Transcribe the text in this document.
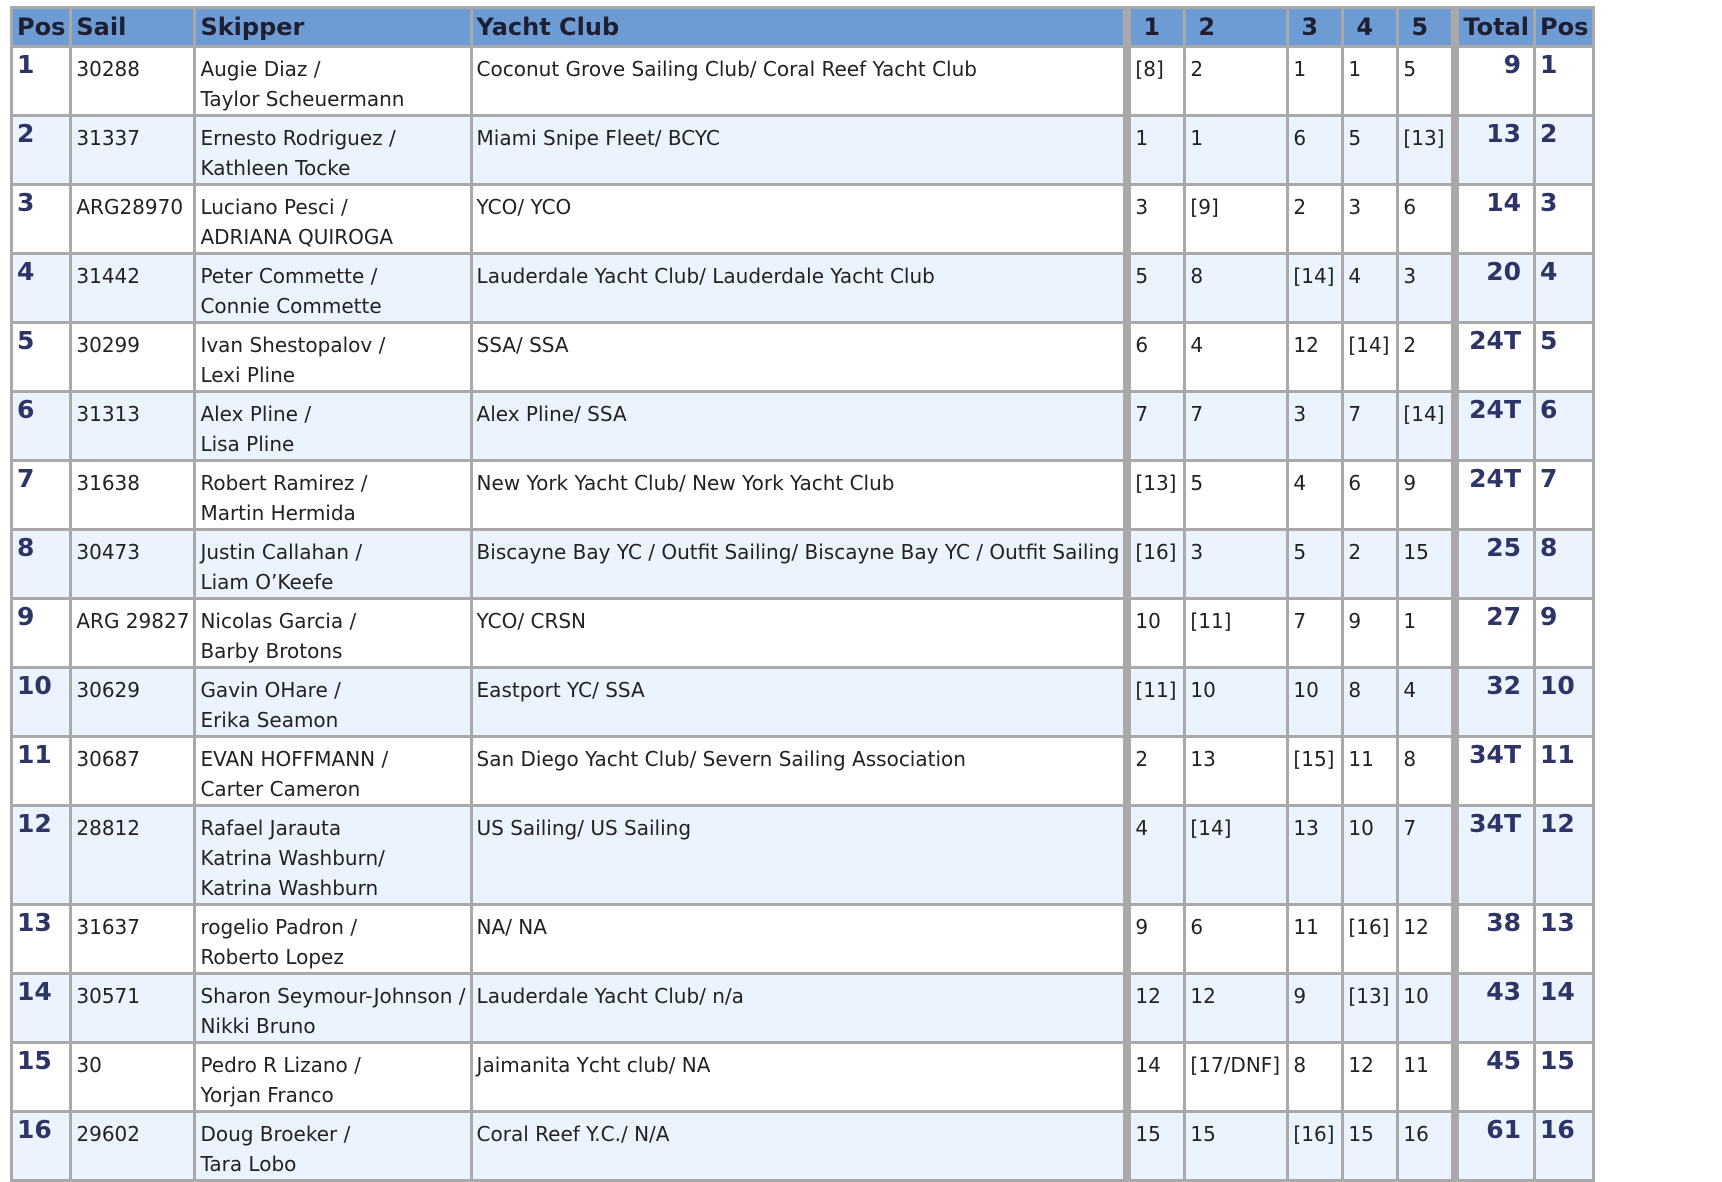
Pos	Sail	Skipper	Yacht Club		1	2	3	4	5		Total	Pos
1	30288	Augie Diaz /
Taylor Scheuermann	Coconut Grove Sailing Club/ Coral Reef Yacht Club		[8]	2	1	1	5		9	1
2	31337	Ernesto Rodriguez /
Kathleen Tocke	Miami Snipe Fleet/ BCYC		1	1	6	5	[13]		13	2
3	ARG28970	Luciano Pesci /
ADRIANA QUIROGA	YCO/ YCO		3	[9]	2	3	6		14	3
4	31442	Peter Commette /
Connie Commette	Lauderdale Yacht Club/ Lauderdale Yacht Club		5	8	[14]	4	3		20	4
5	30299	Ivan Shestopalov /
Lexi Pline	SSA/ SSA		6	4	12	[14]	2		24T	5
6	31313	Alex Pline /
Lisa Pline	Alex Pline/ SSA		7	7	3	7	[14]		24T	6
7	31638	Robert Ramirez /
Martin Hermida	New York Yacht Club/ New York Yacht Club		[13]	5	4	6	9		24T	7
8	30473	Justin Callahan /
Liam O’Keefe	Biscayne Bay YC / Outfit Sailing/ Biscayne Bay YC / Outfit Sailing		[16]	3	5	2	15		25	8
9	ARG 29827	Nicolas Garcia /
Barby Brotons	YCO/ CRSN		10	[11]	7	9	1		27	9
10	30629	Gavin OHare /
Erika Seamon	Eastport YC/ SSA		[11]	10	10	8	4		32	10
11	30687	EVAN HOFFMANN /
Carter Cameron	San Diego Yacht Club/ Severn Sailing Association		2	13	[15]	11	8		34T	11
12	28812	Rafael Jarauta
Katrina Washburn/
Katrina Washburn	US Sailing/ US Sailing		4	[14]	13	10	7		34T	12
13	31637	rogelio Padron /
Roberto Lopez	NA/ NA		9	6	11	[16]	12		38	13
14	30571	Sharon Seymour-Johnson /
Nikki Bruno	Lauderdale Yacht Club/ n/a		12	12	9	[13]	10		43	14
15	30	Pedro R Lizano /
Yorjan Franco	Jaimanita Ycht club/ NA		14	[17/DNF]	8	12	11		45	15
16	29602	Doug Broeker /
Tara Lobo	Coral Reef Y.C./ N/A		15	15	[16]	15	16		61	16
